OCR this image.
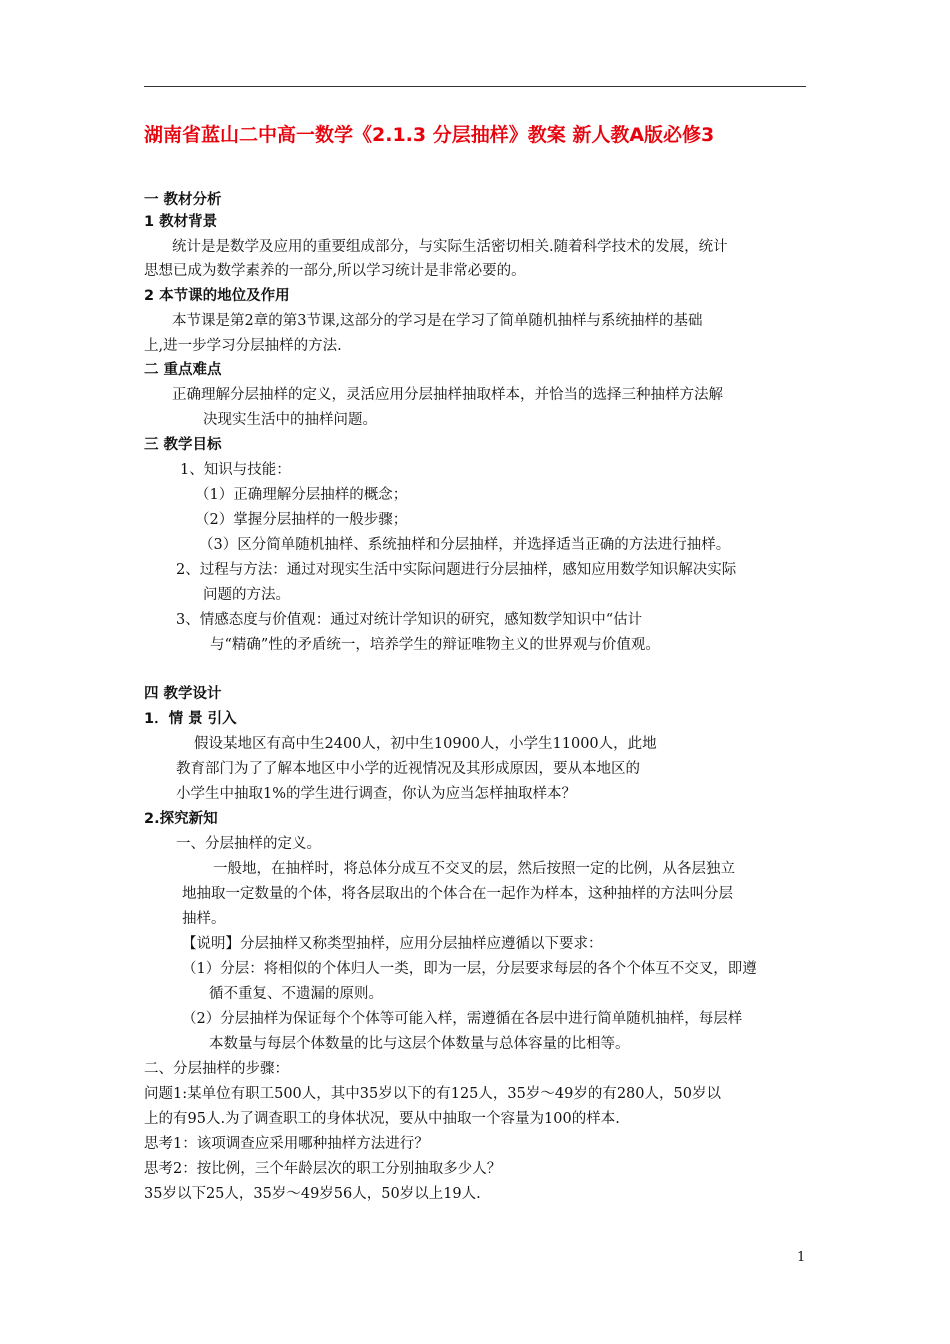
湖南省蓝山二中高一数学《2.1.3 分层抽样》教案 新人教A版必修3
一 教材分析
1 教材背景
统计是是数学及应用的重要组成部分，与实际生活密切相关.随着科学技术的发展，统计
思想已成为数学素养的一部分,所以学习统计是非常必要的。
2 本节课的地位及作用
本节课是第2章的第3节课,这部分的学习是在学习了简单随机抽样与系统抽样的基础
上,进一步学习分层抽样的方法.
二 重点难点
正确理解分层抽样的定义，灵活应用分层抽样抽取样本，并恰当的选择三种抽样方法解
决现实生活中的抽样问题。
三 教学目标
1、知识与技能：
（1）正确理解分层抽样的概念；
（2）掌握分层抽样的一般步骤；
（3）区分简单随机抽样、系统抽样和分层抽样，并选择适当正确的方法进行抽样。
2、过程与方法：通过对现实生活中实际问题进行分层抽样，感知应用数学知识解决实际
问题的方法。
3、情感态度与价值观：通过对统计学知识的研究，感知数学知识中“估计
与“精确”性的矛盾统一，培养学生的辩证唯物主义的世界观与价值观。
四 教学设计
1．情 景 引入
假设某地区有高中生2400人，初中生10900人，小学生11000人，此地
教育部门为了了解本地区中小学的近视情况及其形成原因，要从本地区的
小学生中抽取1%的学生进行调查，你认为应当怎样抽取样本？
2.探究新知
一、分层抽样的定义。
一般地，在抽样时，将总体分成互不交叉的层，然后按照一定的比例，从各层独立
地抽取一定数量的个体，将各层取出的个体合在一起作为样本，这种抽样的方法叫分层
抽样。
【说明】分层抽样又称类型抽样，应用分层抽样应遵循以下要求：
（1）分层：将相似的个体归人一类，即为一层，分层要求每层的各个个体互不交叉，即遵
循不重复、不遗漏的原则。
（2）分层抽样为保证每个个体等可能入样，需遵循在各层中进行简单随机抽样，每层样
本数量与每层个体数量的比与这层个体数量与总体容量的比相等。
二、分层抽样的步骤：
问题1:某单位有职工500人，其中35岁以下的有125人，35岁～49岁的有280人，50岁以
上的有95人.为了调查职工的身体状况，要从中抽取一个容量为100的样本.
思考1：该项调查应采用哪种抽样方法进行？
思考2：按比例，三个年龄层次的职工分别抽取多少人？
35岁以下25人，35岁～49岁56人，50岁以上19人.
1
